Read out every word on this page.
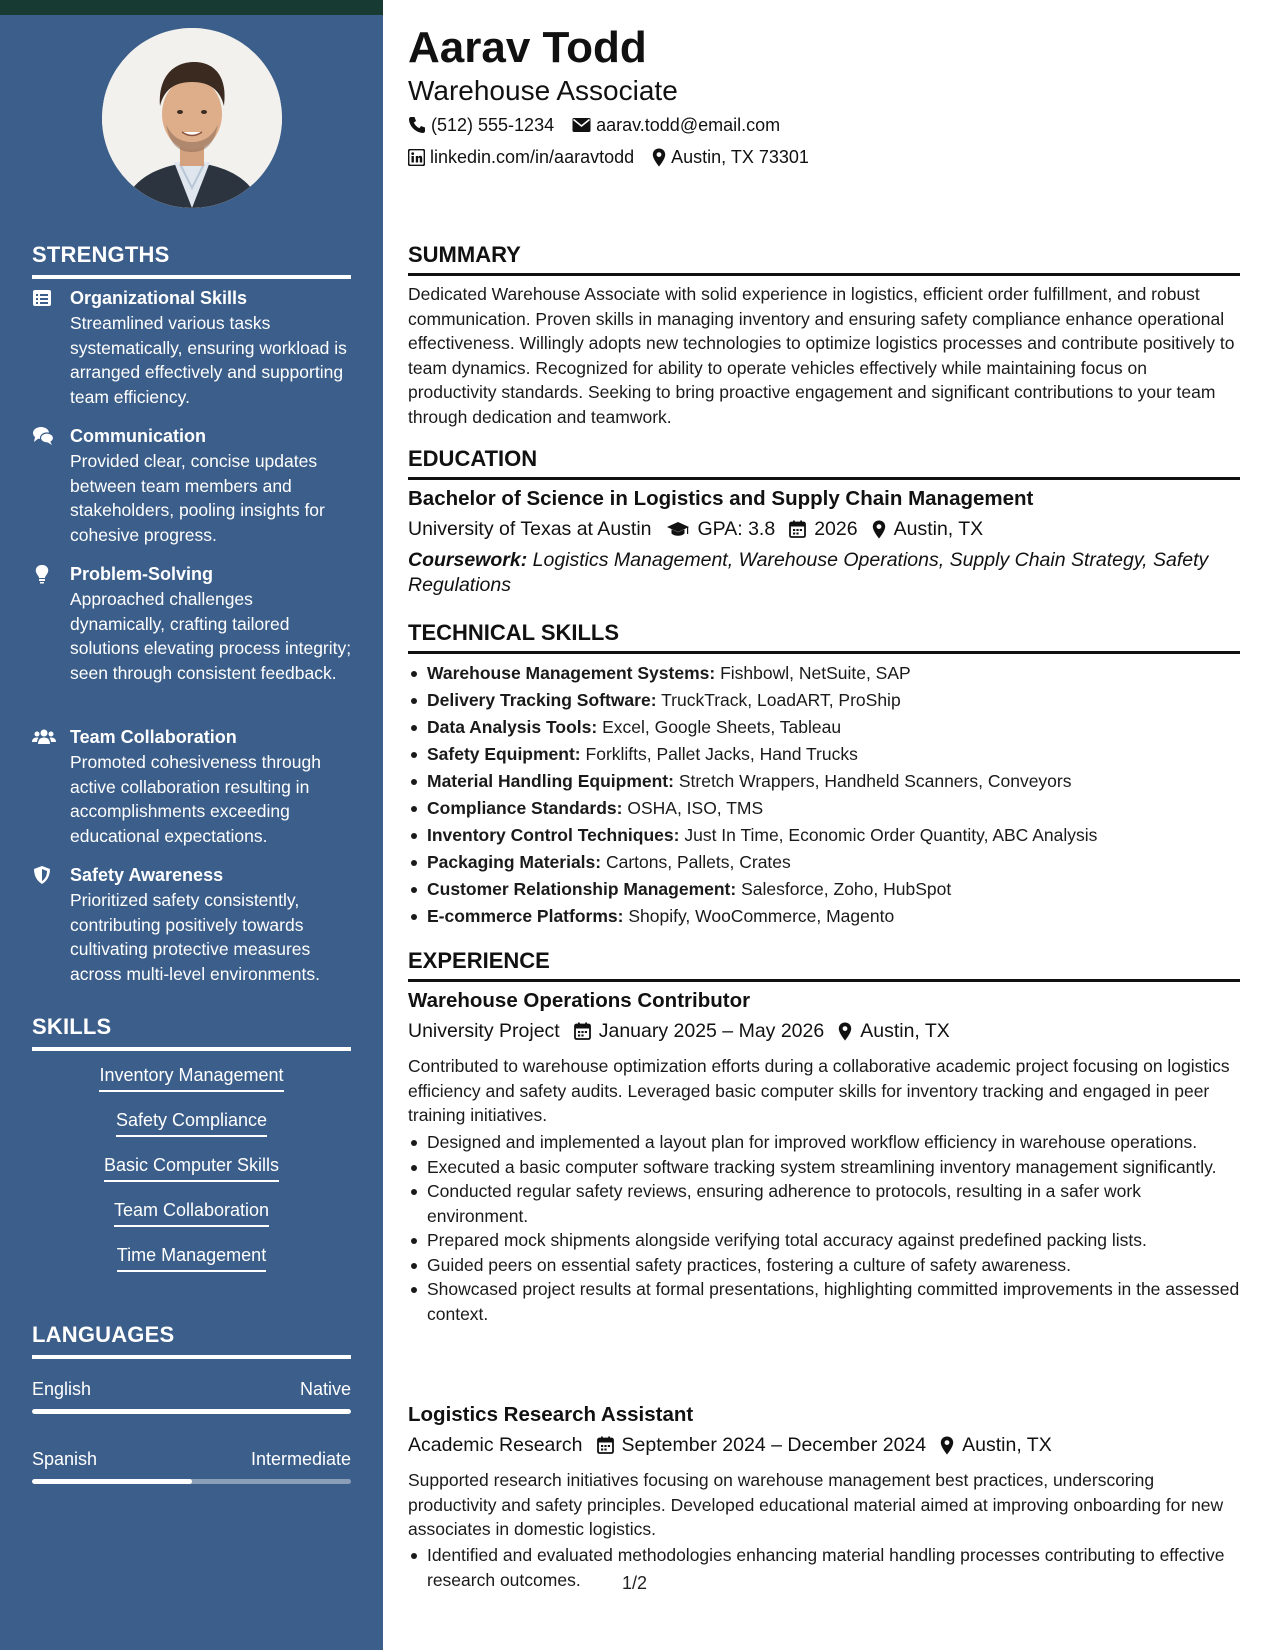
STRENGTHS
Organizational Skills
Streamlined various tasks systematically, ensuring workload is arranged effectively and supporting team efficiency.
Communication
Provided clear, concise updates between team members and stakeholders, pooling insights for cohesive progress.
Problem-Solving
Approached challenges dynamically, crafting tailored solutions elevating process integrity; seen through consistent feedback.
Team Collaboration
Promoted cohesiveness through active collaboration resulting in accomplishments exceeding educational expectations.
Safety Awareness
Prioritized safety consistently, contributing positively towards cultivating protective measures across multi-level environments.
SKILLS
Inventory Management
Safety Compliance
Basic Computer Skills
Team Collaboration
Time Management
LANGUAGES
English	Native
Spanish	Intermediate
Aarav Todd
Warehouse Associate
(512) 555-1234 aarav.todd@email.com
linkedin.com/in/aaravtodd Austin, TX 73301
SUMMARY
Dedicated Warehouse Associate with solid experience in logistics, efficient order fulfillment, and robust communication. Proven skills in managing inventory and ensuring safety compliance enhance operational effectiveness. Willingly adopts new technologies to optimize logistics processes and contribute positively to team dynamics. Recognized for ability to operate vehicles effectively while maintaining focus on productivity standards. Seeking to bring proactive engagement and significant contributions to your team through dedication and teamwork.
EDUCATION
Bachelor of Science in Logistics and Supply Chain Management
University of Texas at Austin GPA: 3.8 2026 Austin, TX
Coursework: Logistics Management, Warehouse Operations, Supply Chain Strategy, Safety Regulations
TECHNICAL SKILLS
Warehouse Management Systems: Fishbowl, NetSuite, SAP
Delivery Tracking Software: TruckTrack, LoadART, ProShip
Data Analysis Tools: Excel, Google Sheets, Tableau
Safety Equipment: Forklifts, Pallet Jacks, Hand Trucks
Material Handling Equipment: Stretch Wrappers, Handheld Scanners, Conveyors
Compliance Standards: OSHA, ISO, TMS
Inventory Control Techniques: Just In Time, Economic Order Quantity, ABC Analysis
Packaging Materials: Cartons, Pallets, Crates
Customer Relationship Management: Salesforce, Zoho, HubSpot
E-commerce Platforms: Shopify, WooCommerce, Magento
EXPERIENCE
Warehouse Operations Contributor
University Project January 2025 – May 2026 Austin, TX
Contributed to warehouse optimization efforts during a collaborative academic project focusing on logistics efficiency and safety audits. Leveraged basic computer skills for inventory tracking and engaged in peer training initiatives.
Designed and implemented a layout plan for improved workflow efficiency in warehouse operations.
Executed a basic computer software tracking system streamlining inventory management significantly.
Conducted regular safety reviews, ensuring adherence to protocols, resulting in a safer work environment.
Prepared mock shipments alongside verifying total accuracy against predefined packing lists.
Guided peers on essential safety practices, fostering a culture of safety awareness.
Showcased project results at formal presentations, highlighting committed improvements in the assessed context.
Logistics Research Assistant
Academic Research September 2024 – December 2024 Austin, TX
Supported research initiatives focusing on warehouse management best practices, underscoring productivity and safety principles. Developed educational material aimed at improving onboarding for new associates in domestic logistics.
Identified and evaluated methodologies enhancing material handling processes contributing to effective research outcomes.	1/2
